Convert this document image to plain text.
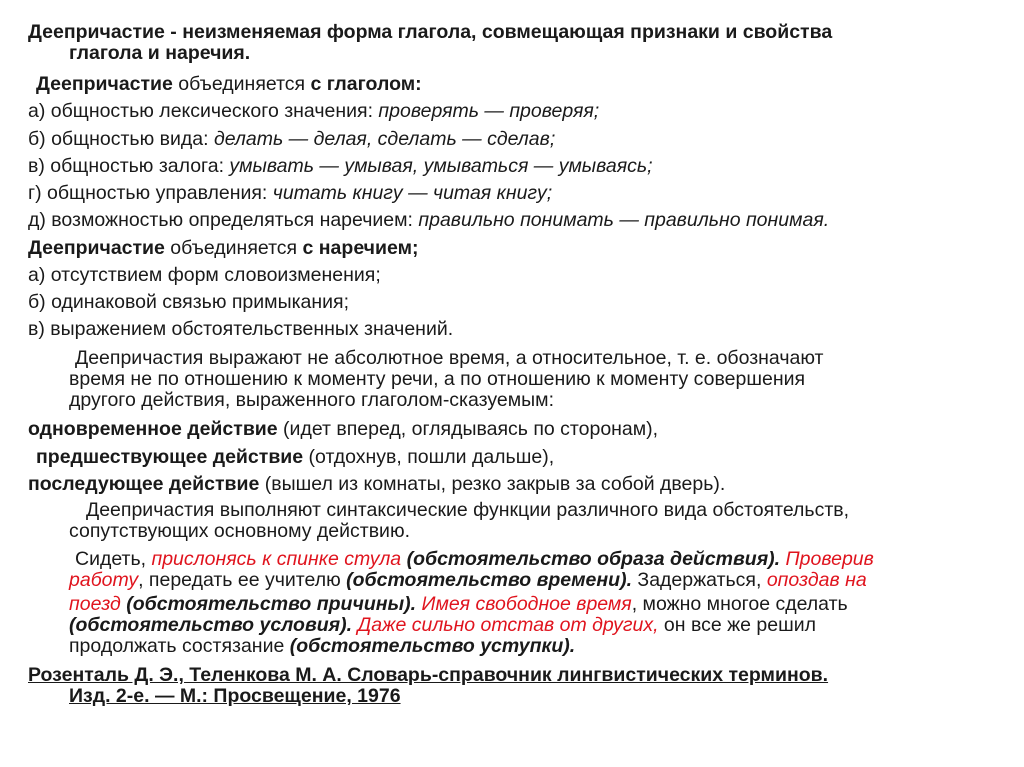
Деепричастие - неизменяемая форма глагола, совмещающая признаки и свойства
глагола и наречия.
Деепричастие объединяется с глаголом:
а) общностью лексического значения: проверять — проверяя;
б) общностью вида: делать — делая, сделать — сделав;
в) общностью залога: умывать — умывая, умываться — умываясь;
г) общностью управления: читать книгу — читая книгу;
д) возможностью определяться наречием: правильно понимать — правильно понимая.
Деепричастие объединяется с наречием;
а) отсутствием форм словоизменения;
б) одинаковой связью примыкания;
в) выражением обстоятельственных значений.
Деепричастия выражают не абсолютное время, а относительное, т. е. обозначают
время не по отношению к моменту речи, а по отношению к моменту совершения
другого действия, выраженного глаголом-сказуемым:
одновременное действие (идет вперед, оглядываясь по сторонам),
предшествующее действие (отдохнув, пошли дальше),
последующее действие (вышел из комнаты, резко закрыв за собой дверь).
Деепричастия выполняют синтаксические функции различного вида обстоятельств,
сопутствующих основному действию.
Сидеть, прислонясь к спинке стула (обстоятельство образа действия). Проверив
работу, передать ее учителю (обстоятельство времени). Задержаться, опоздав на
поезд (обстоятельство причины). Имея свободное время, можно многое сделать
(обстоятельство условия). Даже сильно отстав от других, он все же решил
продолжать состязание (обстоятельство уступки).
Розенталь Д. Э., Теленкова М. А. Словарь-справочник лингвистических терминов.
Изд. 2-е. — М.: Просвещение, 1976
